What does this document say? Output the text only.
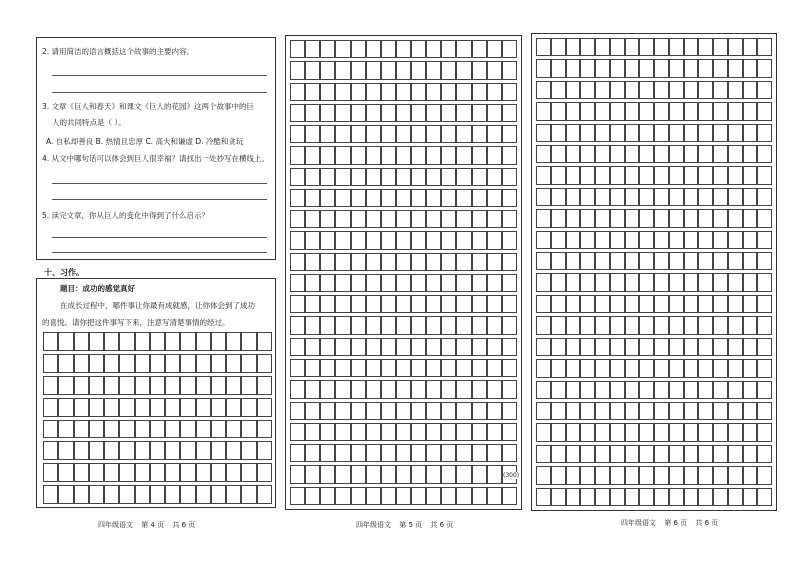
2. 请用简洁的语言概括这个故事的主要内容。
3. 文章《巨人和春天》和课文《巨人的花园》这两个故事中的巨
人的共同特点是（ ）。
A. 自私却善良 B. 热情且忠厚 C. 高大和谦虚 D. 冷酷和贪玩
4. 从文中哪句话可以体会到巨人很幸福？请找出一处抄写在横线上。
5. 读完文章，你从巨人的变化中得到了什么启示？
十、习作。
题目：成功的感觉真好
在成长过程中，哪件事让你最有成就感，让你体会到了成功
的喜悦。请你把这件事写下来，注意写清楚事情的经过。
四年级语文 第 4 页 共 6 页
(300)
四年级语文 第 5 页 共 6 页	四年级语文 第 6 页 共 6 页
